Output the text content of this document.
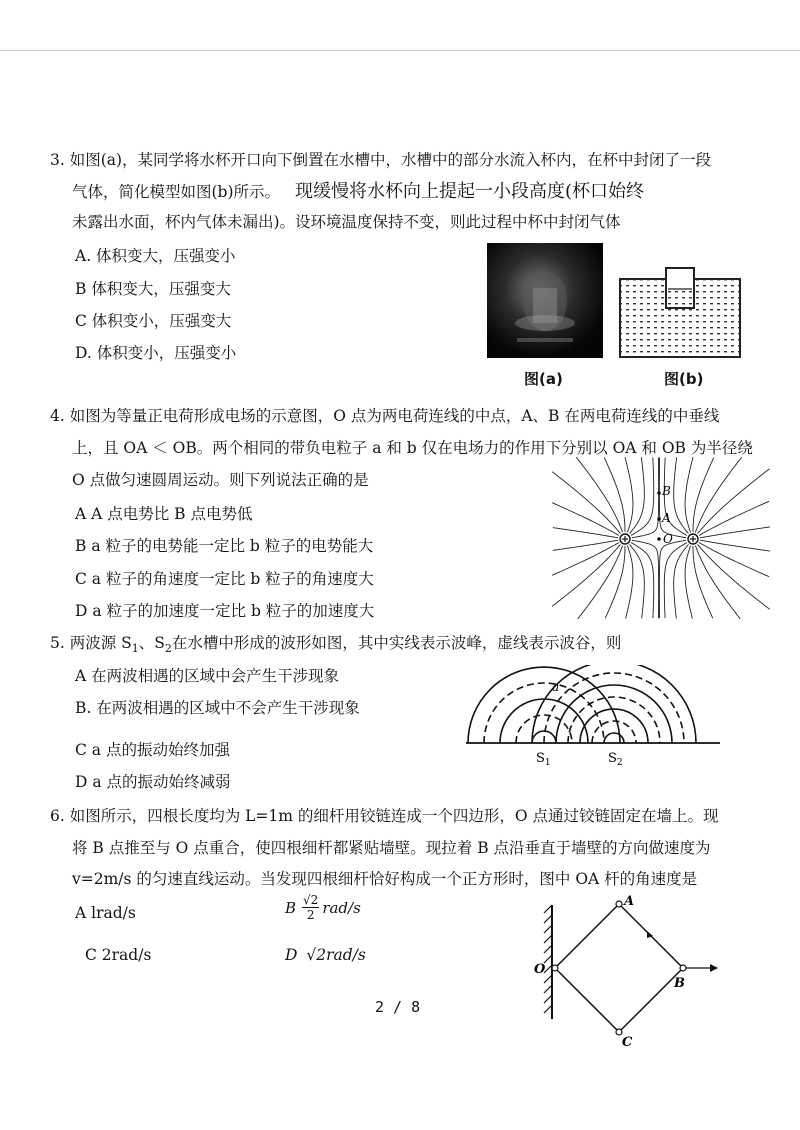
3. 如图(a)，某同学将水杯开口向下倒置在水槽中，水槽中的部分水流入杯内，在杯中封闭了一段
气体，简化模型如图(b)所示。 现缓慢将水杯向上提起一小段高度(杯口始终
未露出水面，杯内气体未漏出)。设环境温度保持不变，则此过程中杯中封闭气体
A. 体积变大，压强变小
B 体积变大，压强变大
C 体积变小，压强变大
D. 体积变小，压强变小
图(a)	图(b)
4. 如图为等量正电荷形成电场的示意图，O 点为两电荷连线的中点，A、B 在两电荷连线的中垂线
上，且 OA ＜ OB。两个相同的带负电粒子 a 和 b 仅在电场力的作用下分别以 OA 和 OB 为半径绕
O 点做匀速圆周运动。则下列说法正确的是
A A 点电势比 B 点电势低
B a 粒子的电势能一定比 b 粒子的电势能大
C a 粒子的角速度一定比 b 粒子的角速度大
D a 粒子的加速度一定比 b 粒子的加速度大
B
A
O
5. 两波源 $S_1$、$S_2$在水槽中形成的波形如图，其中实线表示波峰，虚线表示波谷，则
A 在两波相遇的区域中会产生干涉现象
B. 在两波相遇的区域中不会产生干涉现象
C a 点的振动始终加强
D a 点的振动始终减弱
a
$S_1$	$S_2$
6. 如图所示，四根长度均为 L=1m 的细杆用铰链连成一个四边形，O 点通过铰链固定在墙上。现
将 B 点推至与 O 点重合，使四根细杆都紧贴墙壁。现拉着 B 点沿垂直于墙壁的方向做速度为
v=2m/s 的匀速直线运动。当发现四根细杆恰好构成一个正方形时，图中 OA 杆的角速度是
A lrad/s	B $\frac{√2}{2} rad/s$
C 2rad/s	D √2rad/s
A
O
B
C
2 / 8
